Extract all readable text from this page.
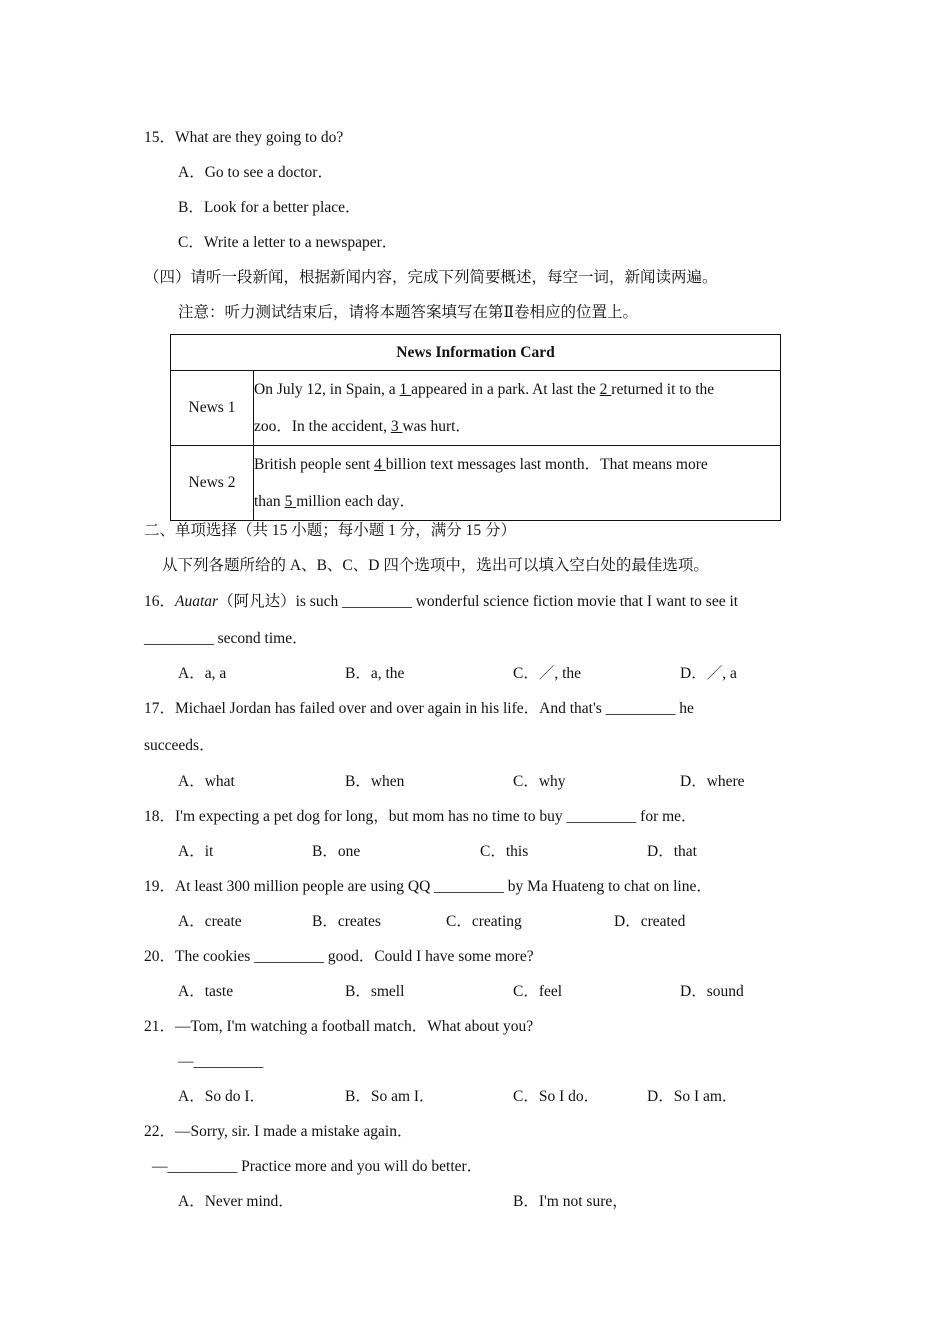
15．What are they going to do?
A．Go to see a doctor．
B．Look for a better place．
C．Write a letter to a newspaper．
（四）请听一段新闻，根据新闻内容，完成下列简要概述，每空一词，新闻读两遍。
注意：听力测试结束后，请将本题答案填写在第Ⅱ卷相应的位置上。
News Information Card	
News 1	On July 12, in Spain, a 1 appeared in a park. At last the 2 returned it to the
zoo．In the accident, 3 was hurt．
News 2	British people sent 4 billion text messages last month．That means more
than 5 million each day．
二、单项选择（共 15 小题；每小题 1 分，满分 15 分）
从下列各题所给的 A、B、C、D 四个选项中，选出可以填入空白处的最佳选项。
16．Auatar（阿凡达）is such _________ wonderful science fiction movie that I want to see it
_________ second time．
A．a, a	B．a, the	C．／, the	D．／, a
17．Michael Jordan has failed over and over again in his life．And that's _________ he
succeeds．
A．what	B．when	C．why	D．where
18．I'm expecting a pet dog for long，but mom has no time to buy _________ for me．
A．it	B．one	C．this	D．that
19．At least 300 million people are using QQ _________ by Ma Huateng to chat on line．
A．create	B．creates	C．creating	D．created
20．The cookies _________ good．Could I have some more?
A．taste	B．smell	C．feel	D．sound
21．—Tom, I'm watching a football match．What about you?
—_________
A．So do I．	B．So am I．	C．So I do．	D．So I am．
22．—Sorry, sir. I made a mistake again．
—_________ Practice more and you will do better．
A．Never mind．	B．I'm not sure，
